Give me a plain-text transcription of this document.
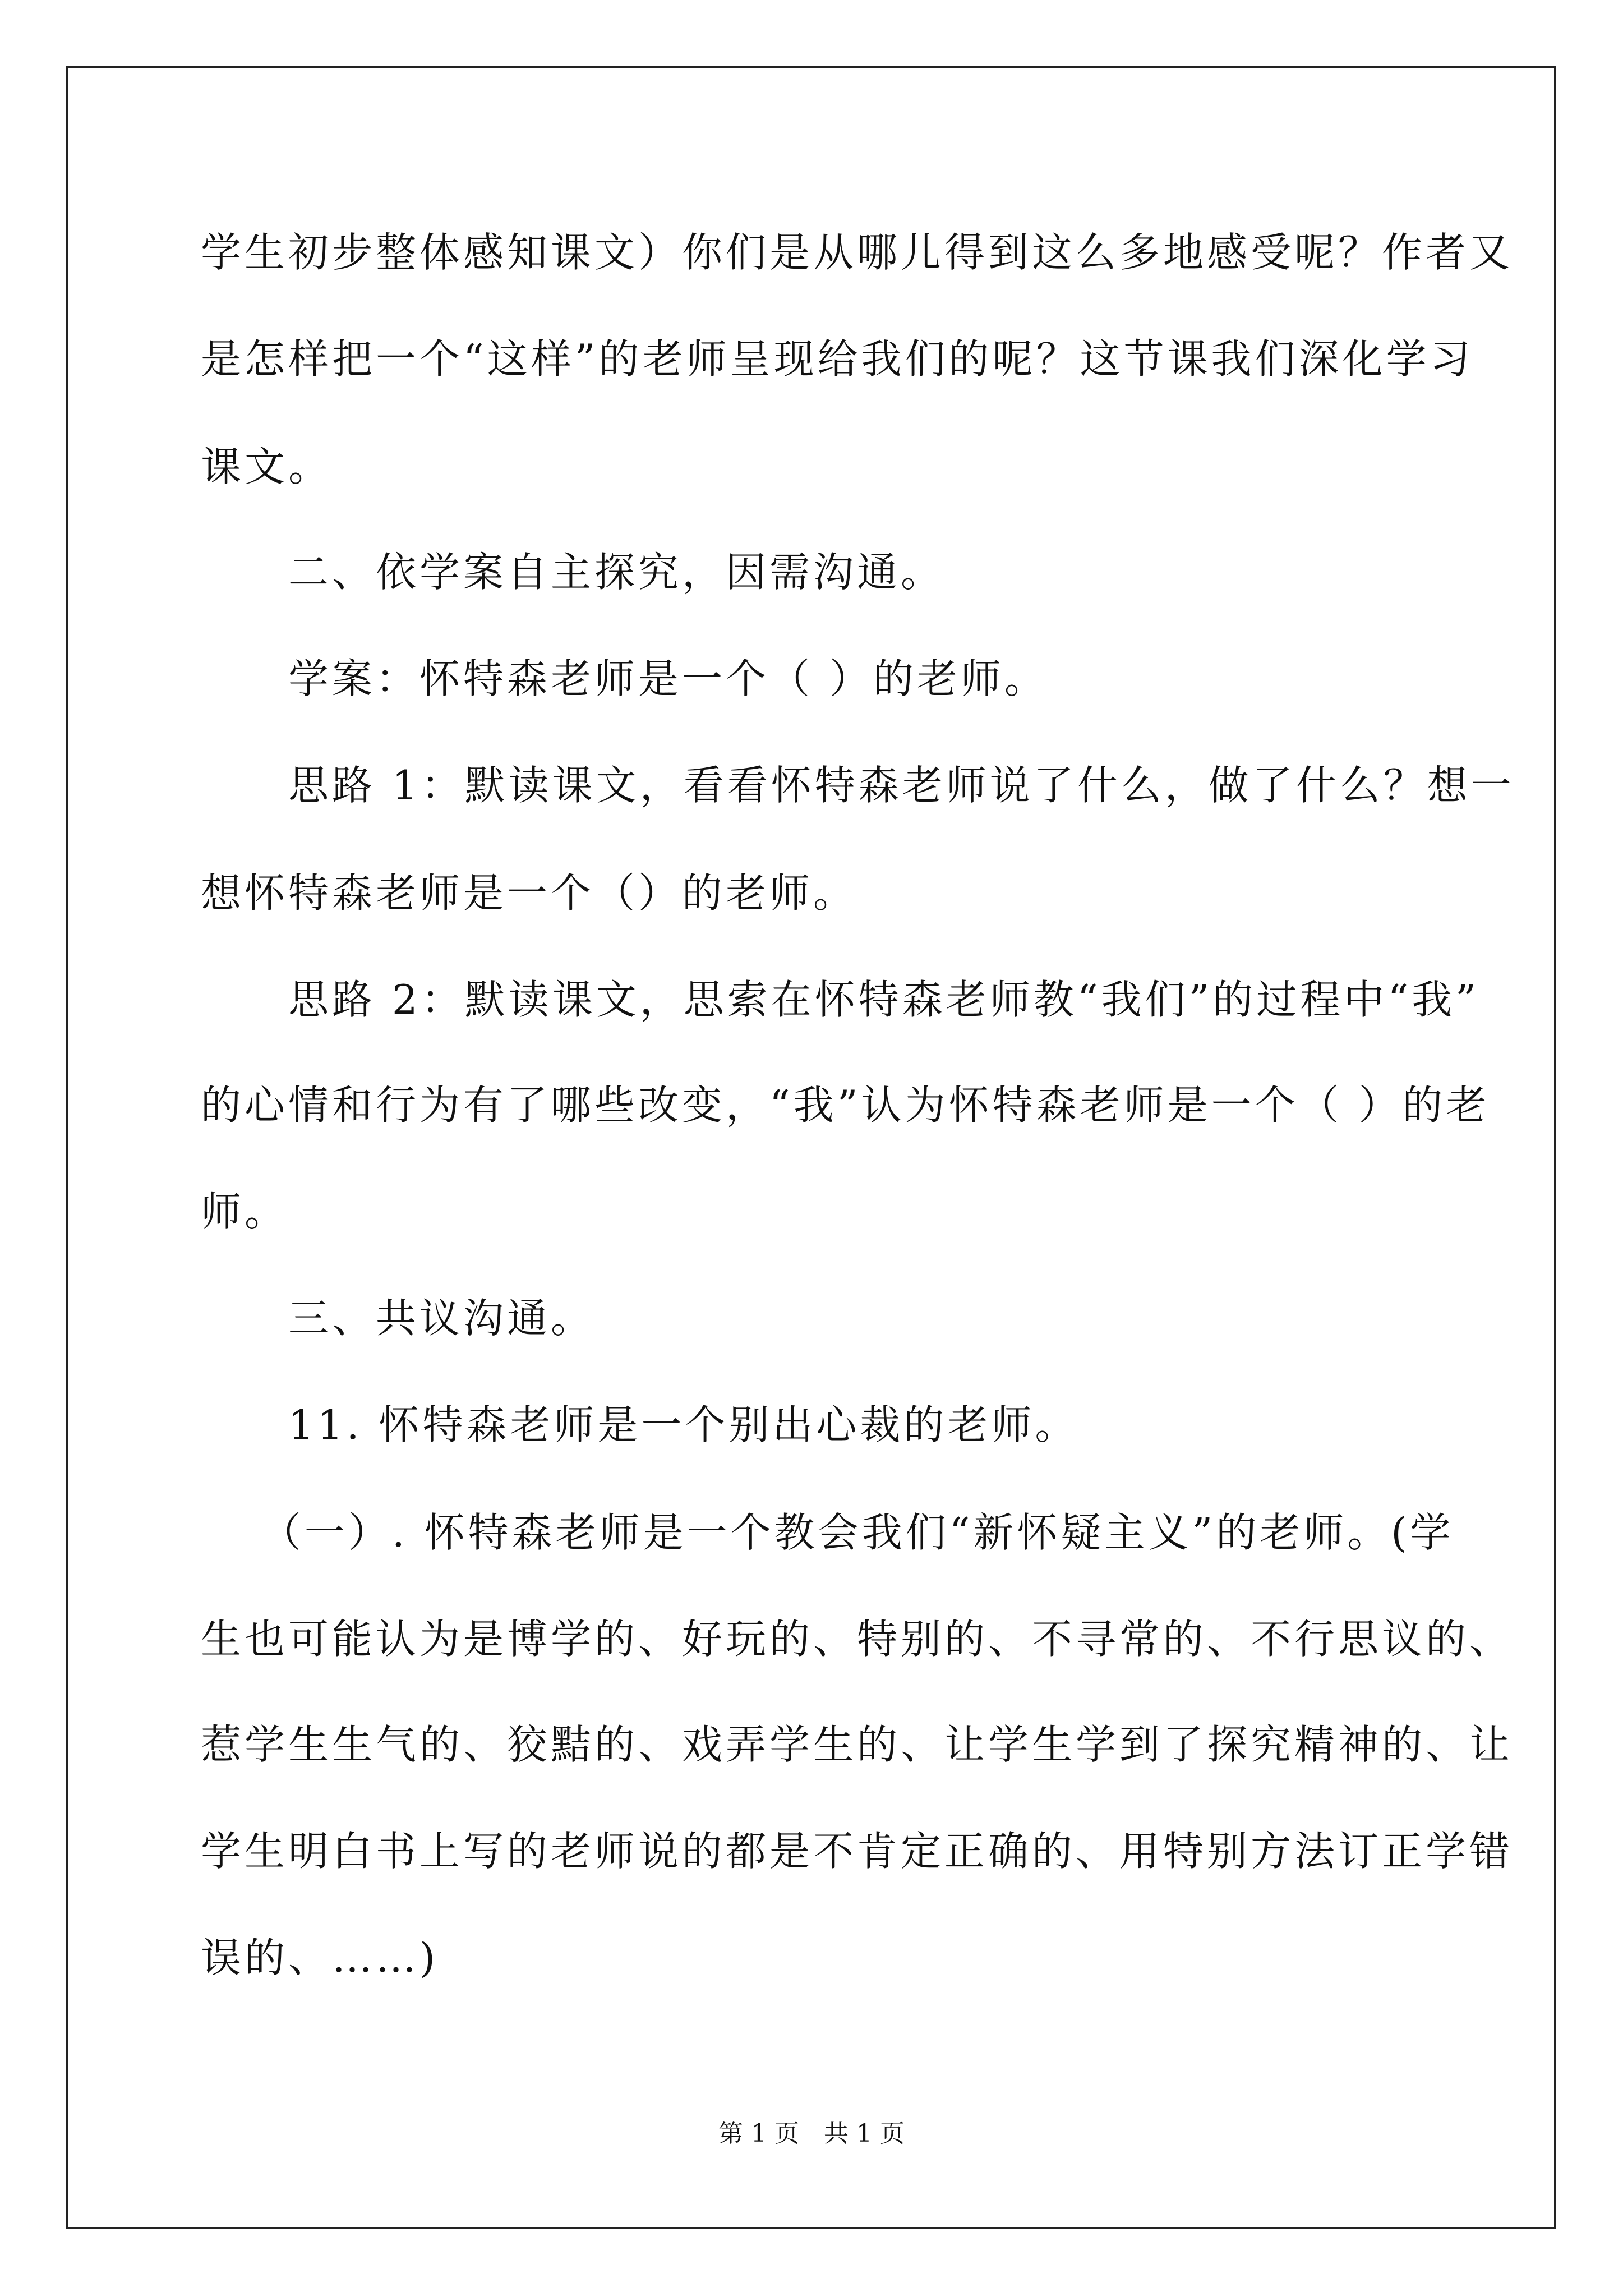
学生初步整体感知课文）你们是从哪儿得到这么多地感受呢？作者又
是怎样把一个“这样”的老师呈现给我们的呢？这节课我们深化学习
课文。
　　二、依学案自主探究，因需沟通。
　　学案：怀特森老师是一个（ ）的老师。
　　思路 1：默读课文，看看怀特森老师说了什么，做了什么？想一
想怀特森老师是一个（）的老师。
　　思路 2：默读课文，思索在怀特森老师教“我们”的过程中“我”
的心情和行为有了哪些改变，“我”认为怀特森老师是一个（ ）的老
师。
　　三、共议沟通。
　　11. 怀特森老师是一个别出心裁的老师。
　 （一）. 怀特森老师是一个教会我们“新怀疑主义”的老师。(学
生也可能认为是博学的、好玩的、特别的、不寻常的、不行思议的、
惹学生生气的、狡黠的、戏弄学生的、让学生学到了探究精神的、让
学生明白书上写的老师说的都是不肯定正确的、用特别方法订正学错
误的、……)
第 1 页　共 1 页
